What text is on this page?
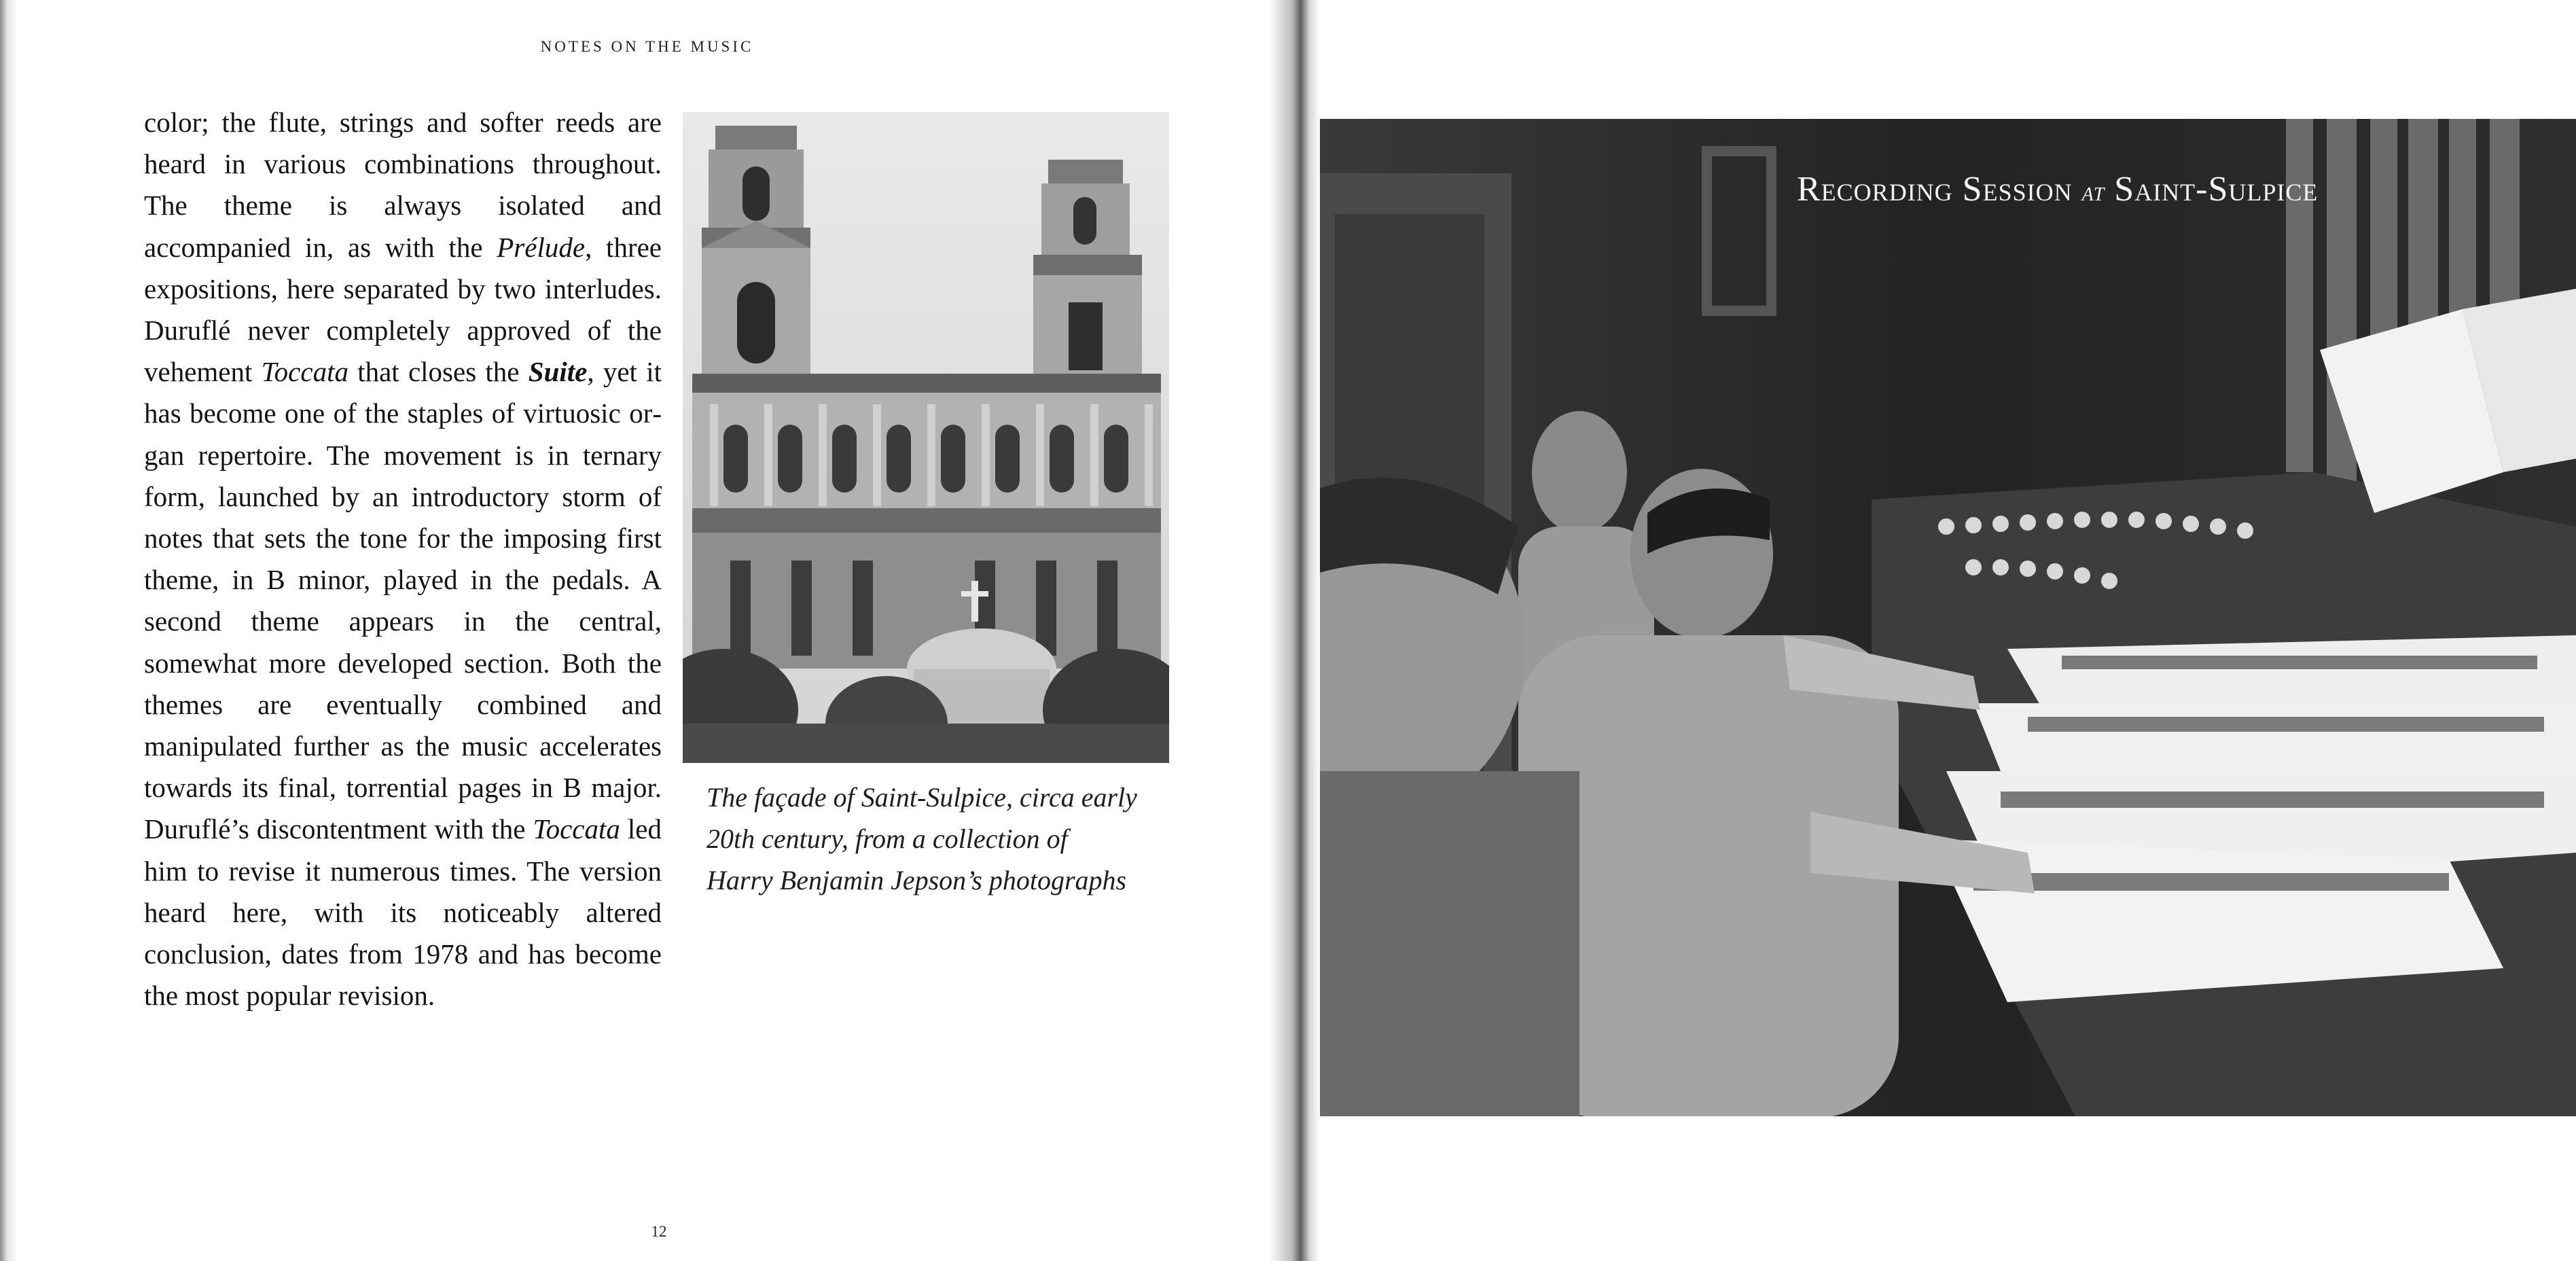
NOTES ON THE MUSIC
color; the flute, strings and softer reeds are heard in various combinations throughout. The theme is always isolated and accompanied in, as with the Prélude, three expositions, here separated by two interludes. Duruflé never completely approved of the vehement Toccata that closes the Suite, yet it has become one of the staples of virtuosic organ repertoire. The movement is in ternary form, launched by an introductory storm of notes that sets the tone for the imposing first theme, in B minor, played in the pedals. A second theme appears in the central, somewhat more developed section. Both the themes are eventually combined and manipulated further as the music accelerates towards its final, torrential pages in B major. Duruflé’s discontentment with the Toccata led him to revise it numerous times. The version heard here, with its noticeably altered conclusion, dates from 1978 and has become the most popular revision.
The façade of Saint-Sulpice, circa early
20th century, from a collection of
Harry Benjamin Jepson’s photographs
12
Recording Session at Saint-Sulpice
